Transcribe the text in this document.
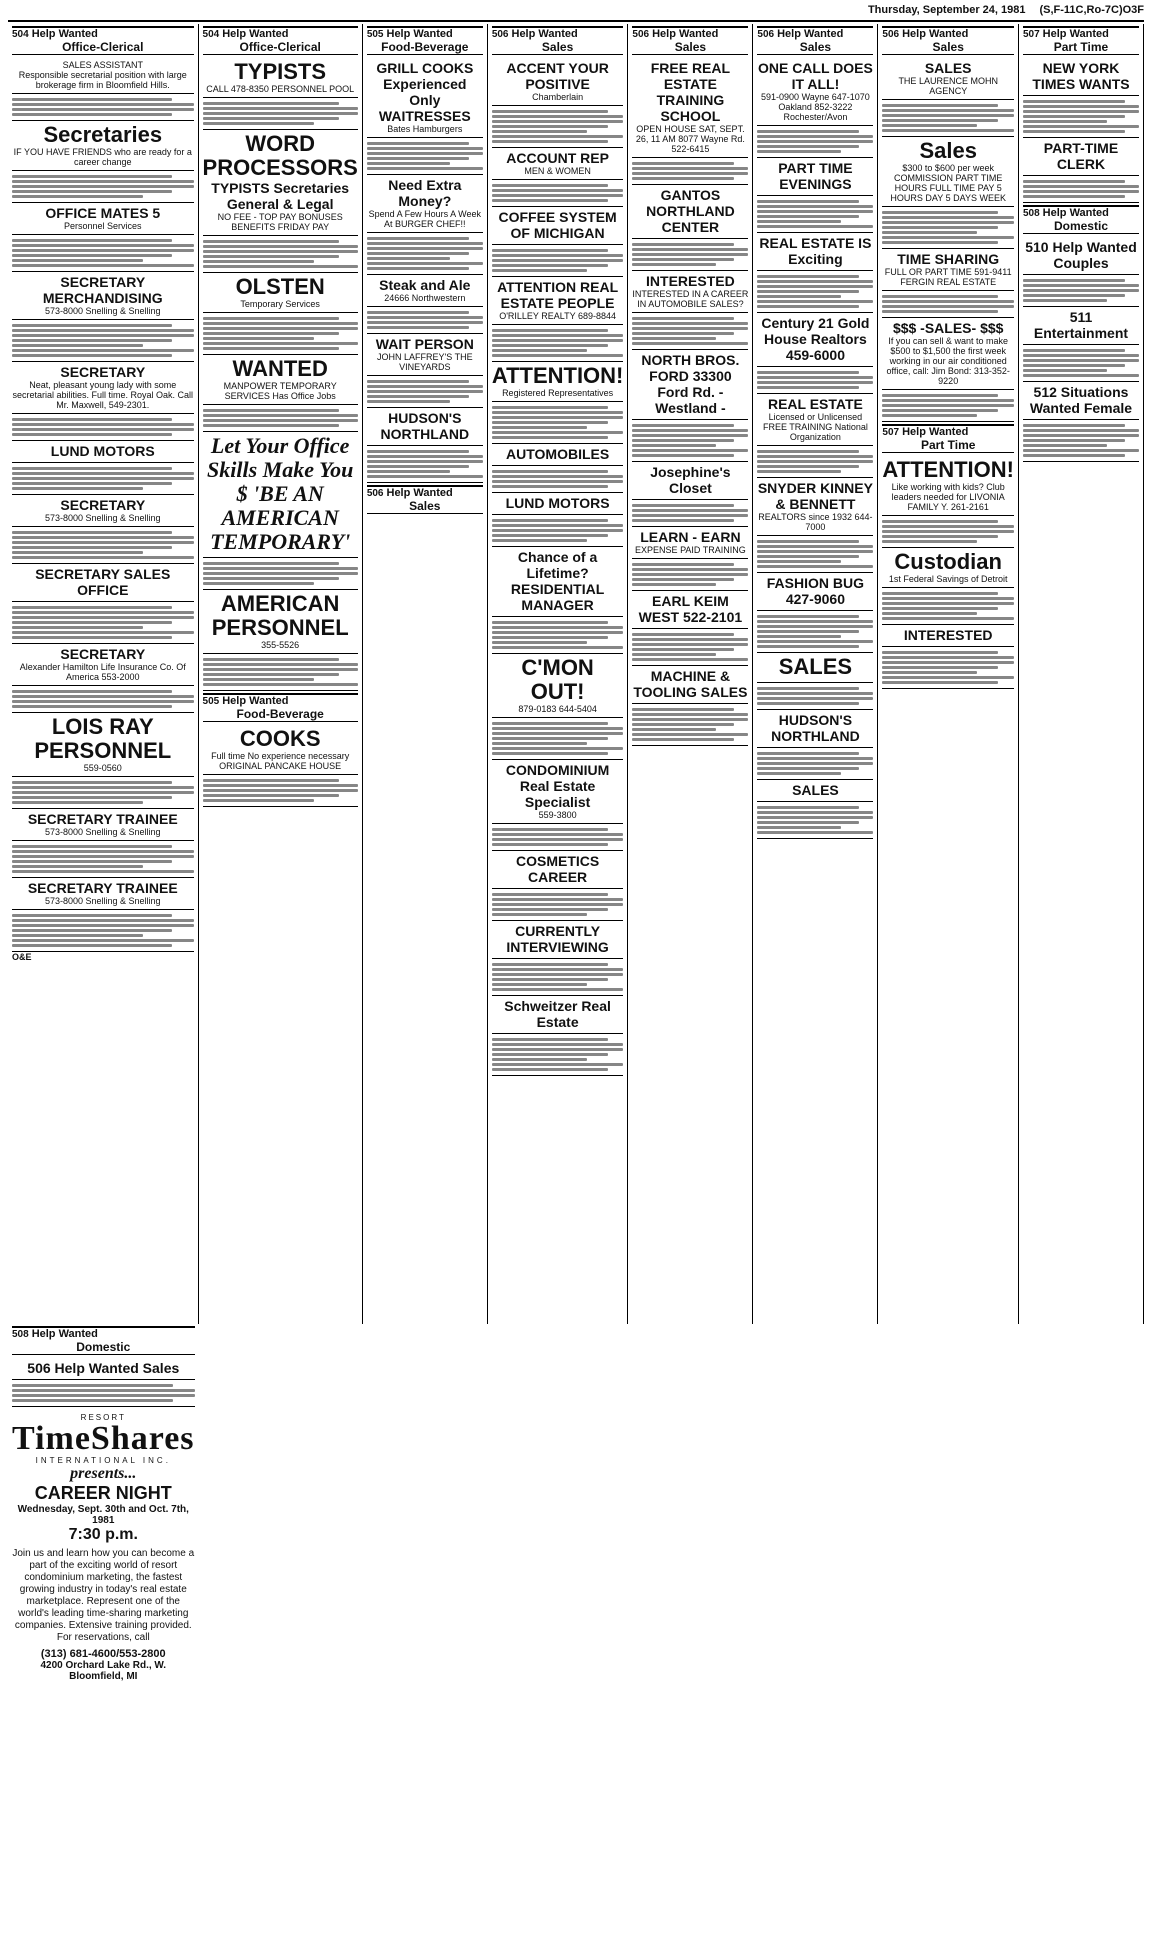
Thursday, September 24, 1981 (S,F-11C,Ro-7C)O3F
504 Help Wanted
Office-Clerical
SALES ASSISTANT
Responsible secretarial position with large brokerage firm in Bloomfield Hills.
Secretaries
IF YOU HAVE FRIENDS who are ready for a career change
OFFICE MATES 5
Personnel Services
SECRETARY MERCHANDISING
573-8000 Snelling & Snelling
SECRETARY
Neat, pleasant young lady with some secretarial abilities. Full time. Royal Oak. Call Mr. Maxwell, 549-2301.
LUND MOTORS
SECRETARY
573-8000 Snelling & Snelling
SECRETARY SALES OFFICE
SECRETARY
Alexander Hamilton Life Insurance Co. Of America 553-2000
LOIS RAY PERSONNEL
559-0560
SECRETARY TRAINEE
573-8000 Snelling & Snelling
SECRETARY TRAINEE
573-8000 Snelling & Snelling
O&E
504 Help Wanted
Office-Clerical
TYPISTS
CALL 478-8350 PERSONNEL POOL
WORD PROCESSORS
TYPISTS Secretaries General & Legal
NO FEE - TOP PAY BONUSES BENEFITS FRIDAY PAY
OLSTEN
Temporary Services
WANTED
MANPOWER TEMPORARY SERVICES Has Office Jobs
Let Your Office Skills Make You $ 'BE AN AMERICAN TEMPORARY'
AMERICAN PERSONNEL
355-5526
505 Help Wanted
Food-Beverage
COOKS
Full time No experience necessary ORIGINAL PANCAKE HOUSE
505 Help Wanted
Food-Beverage
GRILL COOKS Experienced Only WAITRESSES
Bates Hamburgers
Need Extra Money?
Spend A Few Hours A Week At BURGER CHEF!!
Steak and Ale
24666 Northwestern
WAIT PERSON
JOHN LAFFREY'S THE VINEYARDS
HUDSON'S NORTHLAND
506 Help Wanted
Sales
506 Help Wanted
Sales
ACCENT YOUR POSITIVE
Chamberlain
ACCOUNT REP
MEN & WOMEN
COFFEE SYSTEM OF MICHIGAN
ATTENTION REAL ESTATE PEOPLE
O'RILLEY REALTY 689-8844
ATTENTION!
Registered Representatives
AUTOMOBILES
LUND MOTORS
Chance of a Lifetime? RESIDENTIAL MANAGER
C'MON OUT!
879-0183 644-5404
CONDOMINIUM Real Estate Specialist
559-3800
COSMETICS CAREER
CURRENTLY INTERVIEWING
Schweitzer Real Estate
506 Help Wanted
Sales
FREE REAL ESTATE TRAINING SCHOOL
OPEN HOUSE SAT, SEPT. 26, 11 AM 8077 Wayne Rd. 522-6415
GANTOS NORTHLAND CENTER
INTERESTED
INTERESTED IN A CAREER IN AUTOMOBILE SALES?
NORTH BROS. FORD 33300 Ford Rd. - Westland -
Josephine's Closet
LEARN - EARN
EXPENSE PAID TRAINING
EARL KEIM WEST 522-2101
MACHINE & TOOLING SALES
506 Help Wanted
Sales
ONE CALL DOES IT ALL!
591-0900 Wayne 647-1070 Oakland 852-3222 Rochester/Avon
PART TIME EVENINGS
REAL ESTATE IS Exciting
Century 21 Gold House Realtors 459-6000
REAL ESTATE
Licensed or Unlicensed FREE TRAINING National Organization
SNYDER KINNEY & BENNETT
REALTORS since 1932 644-7000
FASHION BUG 427-9060
SALES
HUDSON'S NORTHLAND
SALES
506 Help Wanted
Sales
SALES
THE LAURENCE MOHN AGENCY
Sales
$300 to $600 per week COMMISSION PART TIME HOURS FULL TIME PAY 5 HOURS DAY 5 DAYS WEEK
TIME SHARING
FULL OR PART TIME 591-9411 FERGIN REAL ESTATE
$$$ -SALES- $$$
If you can sell & want to make $500 to $1,500 the first week working in our air conditioned office, call: Jim Bond: 313-352-9220
507 Help Wanted
Part Time
ATTENTION!
Like working with kids? Club leaders needed for LIVONIA FAMILY Y. 261-2161
Custodian
1st Federal Savings of Detroit
INTERESTED
507 Help Wanted
Part Time
NEW YORK TIMES WANTS
PART-TIME CLERK
508 Help Wanted
Domestic
510 Help Wanted Couples
511 Entertainment
512 Situations Wanted Female
508 Help Wanted
Domestic
506 Help Wanted Sales
RESORT
TimeShares
INTERNATIONAL INC.
presents...
CAREER NIGHT
Wednesday, Sept. 30th and Oct. 7th, 1981
7:30 p.m.
Join us and learn how you can become a part of the exciting world of resort condominium marketing, the fastest growing industry in today's real estate marketplace. Represent one of the world's leading time-sharing marketing companies. Extensive training provided. For reservations, call
(313) 681-4600/553-2800
4200 Orchard Lake Rd., W. Bloomfield, MI
